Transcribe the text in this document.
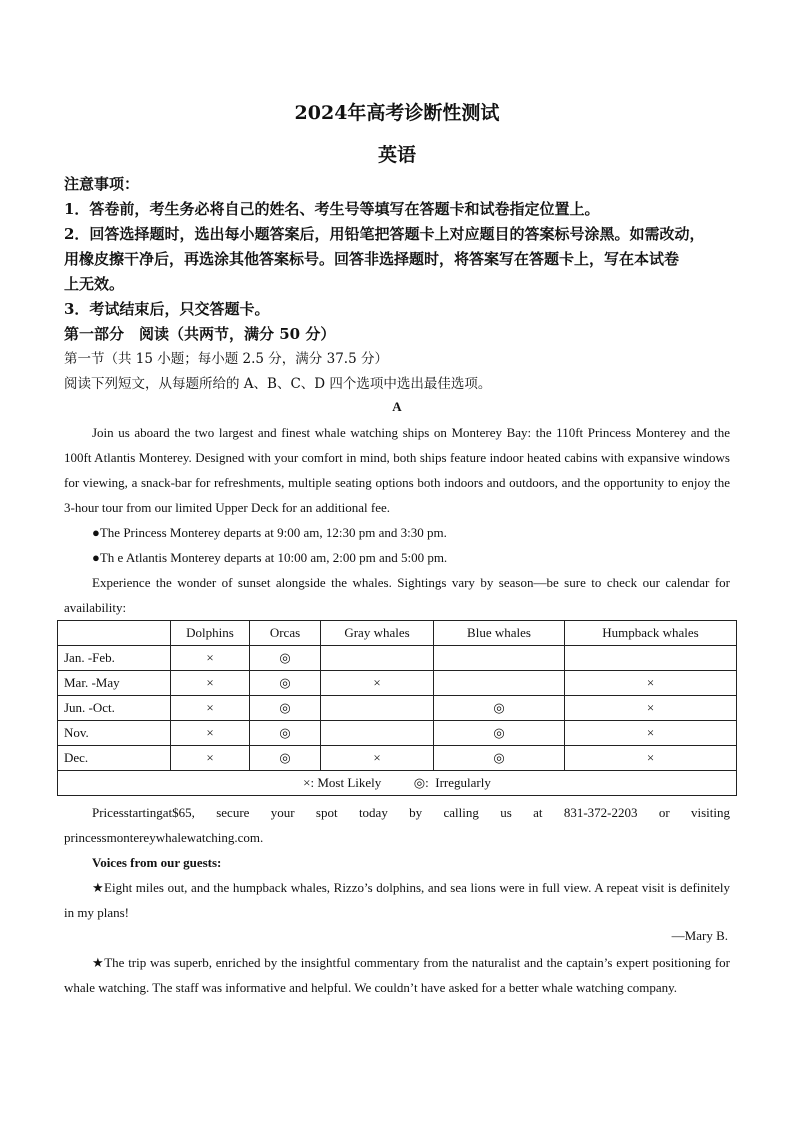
2024年高考诊断性测试
英语
注意事项：
1．答卷前，考生务必将自己的姓名、考生号等填写在答题卡和试卷指定位置上。
2．回答选择题时，选出每小题答案后，用铅笔把答题卡上对应题目的答案标号涂黑。如需改动，
用橡皮擦干净后，再选涂其他答案标号。回答非选择题时，将答案写在答题卡上，写在本试卷
上无效。
3．考试结束后，只交答题卡。
第一部分　阅读（共两节，满分 50 分）
第一节（共 15 小题；每小题 2.5 分，满分 37.5 分）
阅读下列短文，从每题所给的 A、B、C、D 四个选项中选出最佳选项。
A
Join us aboard the two largest and finest whale watching ships on Monterey Bay: the 110ft Princess Monterey and the 100ft Atlantis Monterey. Designed with your comfort in mind, both ships feature indoor heated cabins with expansive windows for viewing, a snack-bar for refreshments, multiple seating options both indoors and outdoors, and the opportunity to enjoy the 3-hour tour from our limited Upper Deck for an additional fee.
●The Princess Monterey departs at 9:00 am, 12:30 pm and 3:30 pm.
●Th e Atlantis Monterey departs at 10:00 am, 2:00 pm and 5:00 pm.
Experience the wonder of sunset alongside the whales. Sightings vary by season—be sure to check our calendar for availability:
	Dolphins	Orcas	Gray whales	Blue whales	Humpback whales
Jan. -Feb.	×	◎			
Mar. -May	×	◎	×		×
Jun. -Oct.	×	◎		◎	×
Nov.	×	◎		◎	×
Dec.	×	◎	×	◎	×
×: Most Likely          ◎:  Irregularly					
Pricesstartingat$65, secure your spot today by calling us at 831-372-2203 or visiting princessmontereywhalewatching.com.
Voices from our guests:
★Eight miles out, and the humpback whales, Rizzo’s dolphins, and sea lions were in full view. A repeat visit is definitely in my plans!
—Mary B.
★The trip was superb, enriched by the insightful commentary from the naturalist and the captain’s expert positioning for whale watching. The staff was informative and helpful. We couldn’t have asked for a better whale watching company.
